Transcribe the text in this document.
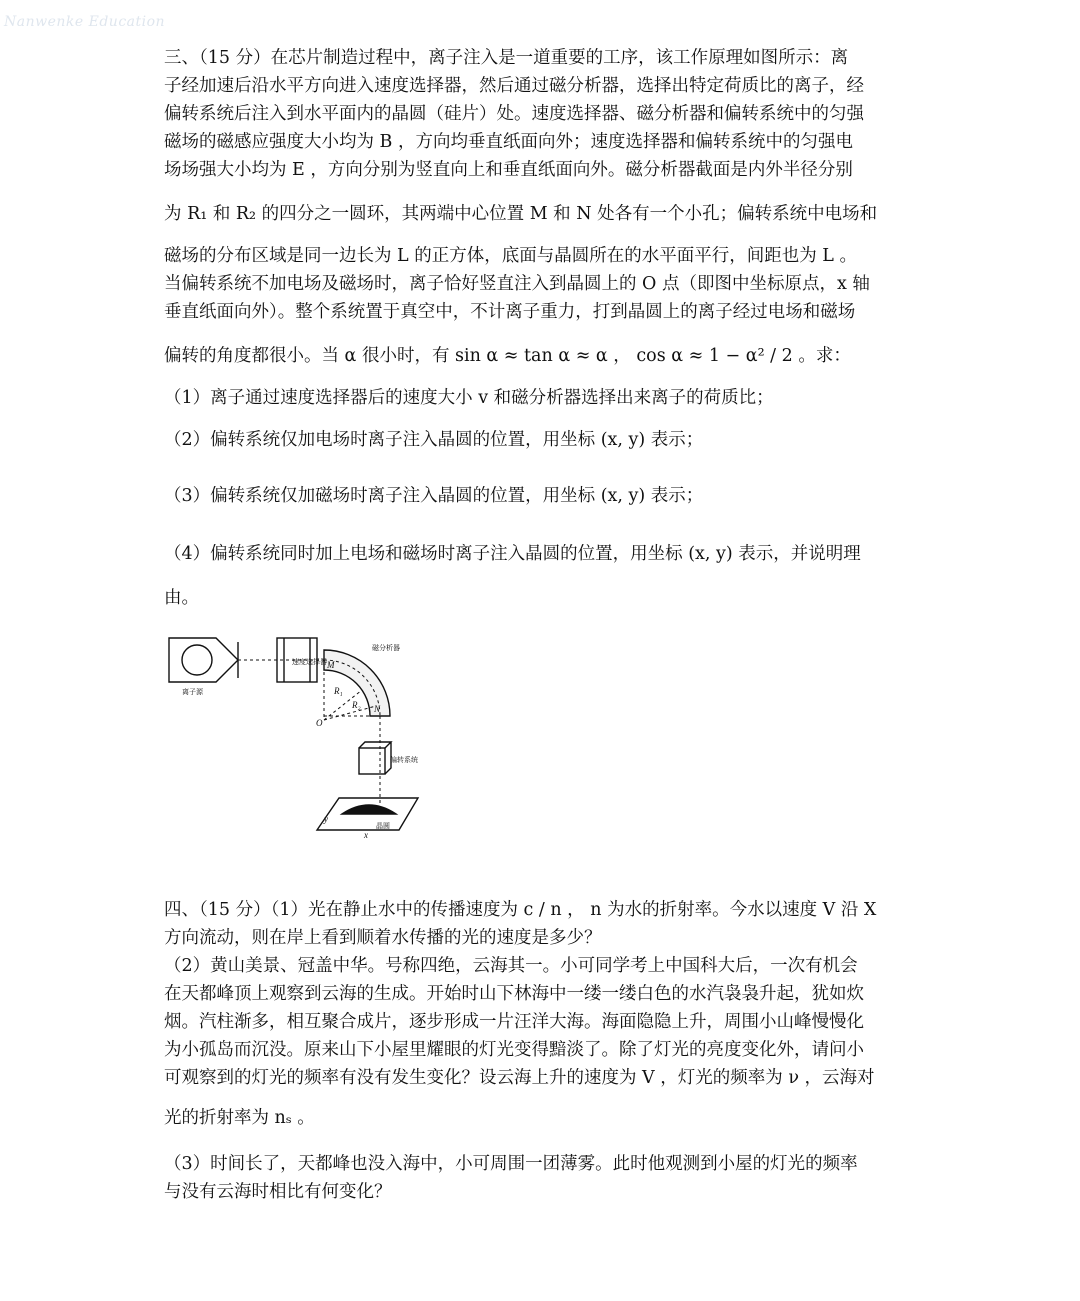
Nanwenke Education
三、（15 分）在芯片制造过程中，离子注入是一道重要的工序，该工作原理如图所示：离
子经加速后沿水平方向进入速度选择器，然后通过磁分析器，选择出特定荷质比的离子，经
偏转系统后注入到水平面内的晶圆（硅片）处。速度选择器、磁分析器和偏转系统中的匀强
磁场的磁感应强度大小均为 B ，方向均垂直纸面向外；速度选择器和偏转系统中的匀强电
场场强大小均为 E ，方向分别为竖直向上和垂直纸面向外。磁分析器截面是内外半径分别
为 R₁ 和 R₂ 的四分之一圆环，其两端中心位置 M 和 N 处各有一个小孔；偏转系统中电场和
磁场的分布区域是同一边长为 L 的正方体，底面与晶圆所在的水平面平行，间距也为 L 。
当偏转系统不加电场及磁场时，离子恰好竖直注入到晶圆上的 O 点（即图中坐标原点，x 轴
垂直纸面向外）。整个系统置于真空中，不计离子重力，打到晶圆上的离子经过电场和磁场
偏转的角度都很小。当 α 很小时，有 sin α ≈ tan α ≈ α ， cos α ≈ 1 − α² / 2 。求：
（1）离子通过速度选择器后的速度大小 v 和磁分析器选择出来离子的荷质比；
（2）偏转系统仅加电场时离子注入晶圆的位置，用坐标 (x, y) 表示；
（3）偏转系统仅加磁场时离子注入晶圆的位置，用坐标 (x, y) 表示；
（4）偏转系统同时加上电场和磁场时离子注入晶圆的位置，用坐标 (x, y) 表示，并说明理
由。
速度选择器
离子源
磁分析器
偏转系统
晶圆
M
N
R₁
R₂
O
x
y
四、（15 分）（1）光在静止水中的传播速度为 c / n ， n 为水的折射率。今水以速度 V 沿 X
方向流动，则在岸上看到顺着水传播的光的速度是多少？
（2）黄山美景、冠盖中华。号称四绝，云海其一。小可同学考上中国科大后，一次有机会
在天都峰顶上观察到云海的生成。开始时山下林海中一缕一缕白色的水汽袅袅升起，犹如炊
烟。汽柱渐多，相互聚合成片，逐步形成一片汪洋大海。海面隐隐上升，周围小山峰慢慢化
为小孤岛而沉没。原来山下小屋里耀眼的灯光变得黯淡了。除了灯光的亮度变化外，请问小
可观察到的灯光的频率有没有发生变化？设云海上升的速度为 V ，灯光的频率为 ν ，云海对
光的折射率为 nₛ 。
（3）时间长了，天都峰也没入海中，小可周围一团薄雾。此时他观测到小屋的灯光的频率
与没有云海时相比有何变化？
